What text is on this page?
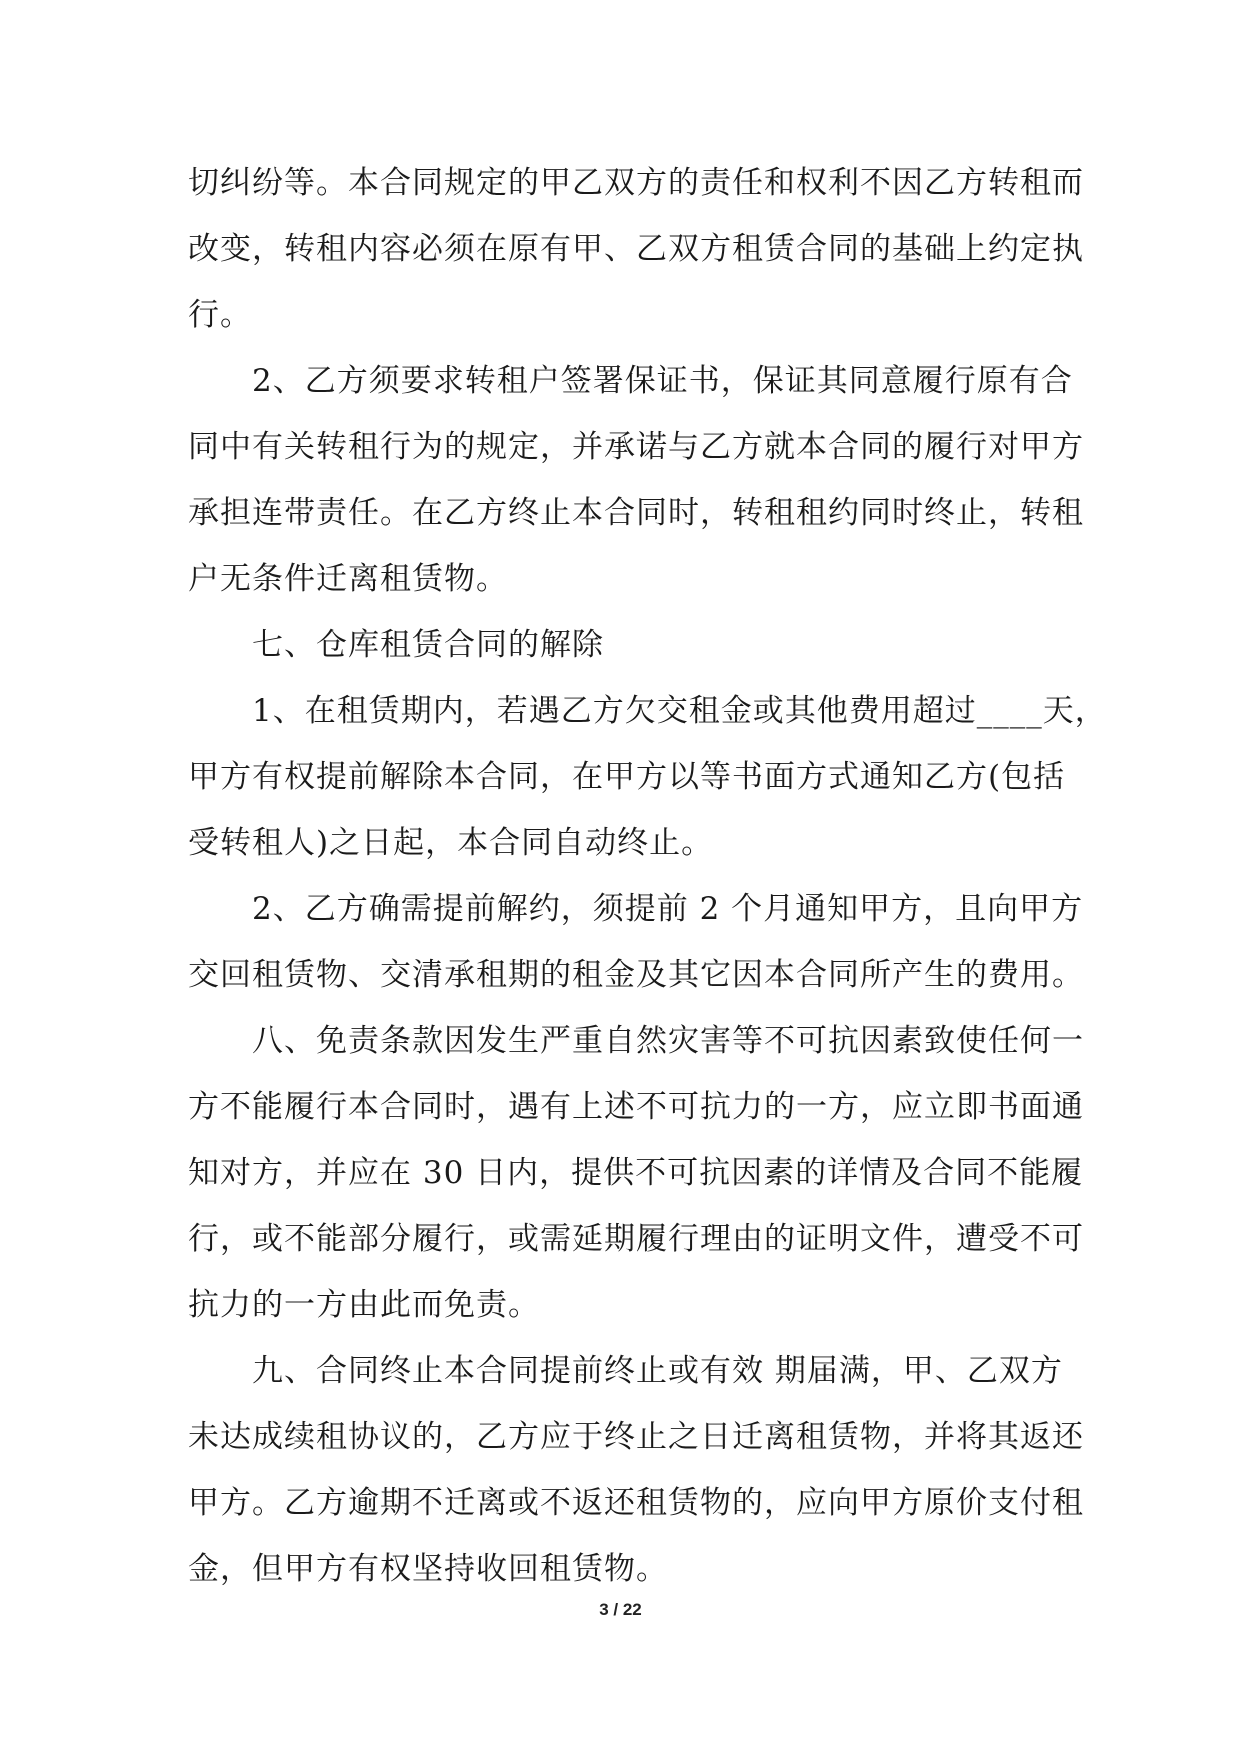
切纠纷等。本合同规定的甲乙双方的责任和权利不因乙方转租而
改变，转租内容必须在原有甲、乙双方租赁合同的基础上约定执
行。

　　2、乙方须要求转租户签署保证书，保证其同意履行原有合
同中有关转租行为的规定，并承诺与乙方就本合同的履行对甲方
承担连带责任。在乙方终止本合同时，转租租约同时终止，转租
户无条件迁离租赁物。

　　七、仓库租赁合同的解除

　　1、在租赁期内，若遇乙方欠交租金或其他费用超过____天，
甲方有权提前解除本合同，在甲方以等书面方式通知乙方(包括
受转租人)之日起，本合同自动终止。

　　2、乙方确需提前解约，须提前 2 个月通知甲方，且向甲方
交回租赁物、交清承租期的租金及其它因本合同所产生的费用。

　　八、免责条款因发生严重自然灾害等不可抗因素致使任何一
方不能履行本合同时，遇有上述不可抗力的一方，应立即书面通
知对方，并应在 30 日内，提供不可抗因素的详情及合同不能履
行，或不能部分履行，或需延期履行理由的证明文件，遭受不可
抗力的一方由此而免责。

　　九、合同终止本合同提前终止或有效 期届满，甲、乙双方
未达成续租协议的，乙方应于终止之日迁离租赁物，并将其返还
甲方。乙方逾期不迁离或不返还租赁物的，应向甲方原价支付租
金，但甲方有权坚持收回租赁物。

3 / 22
